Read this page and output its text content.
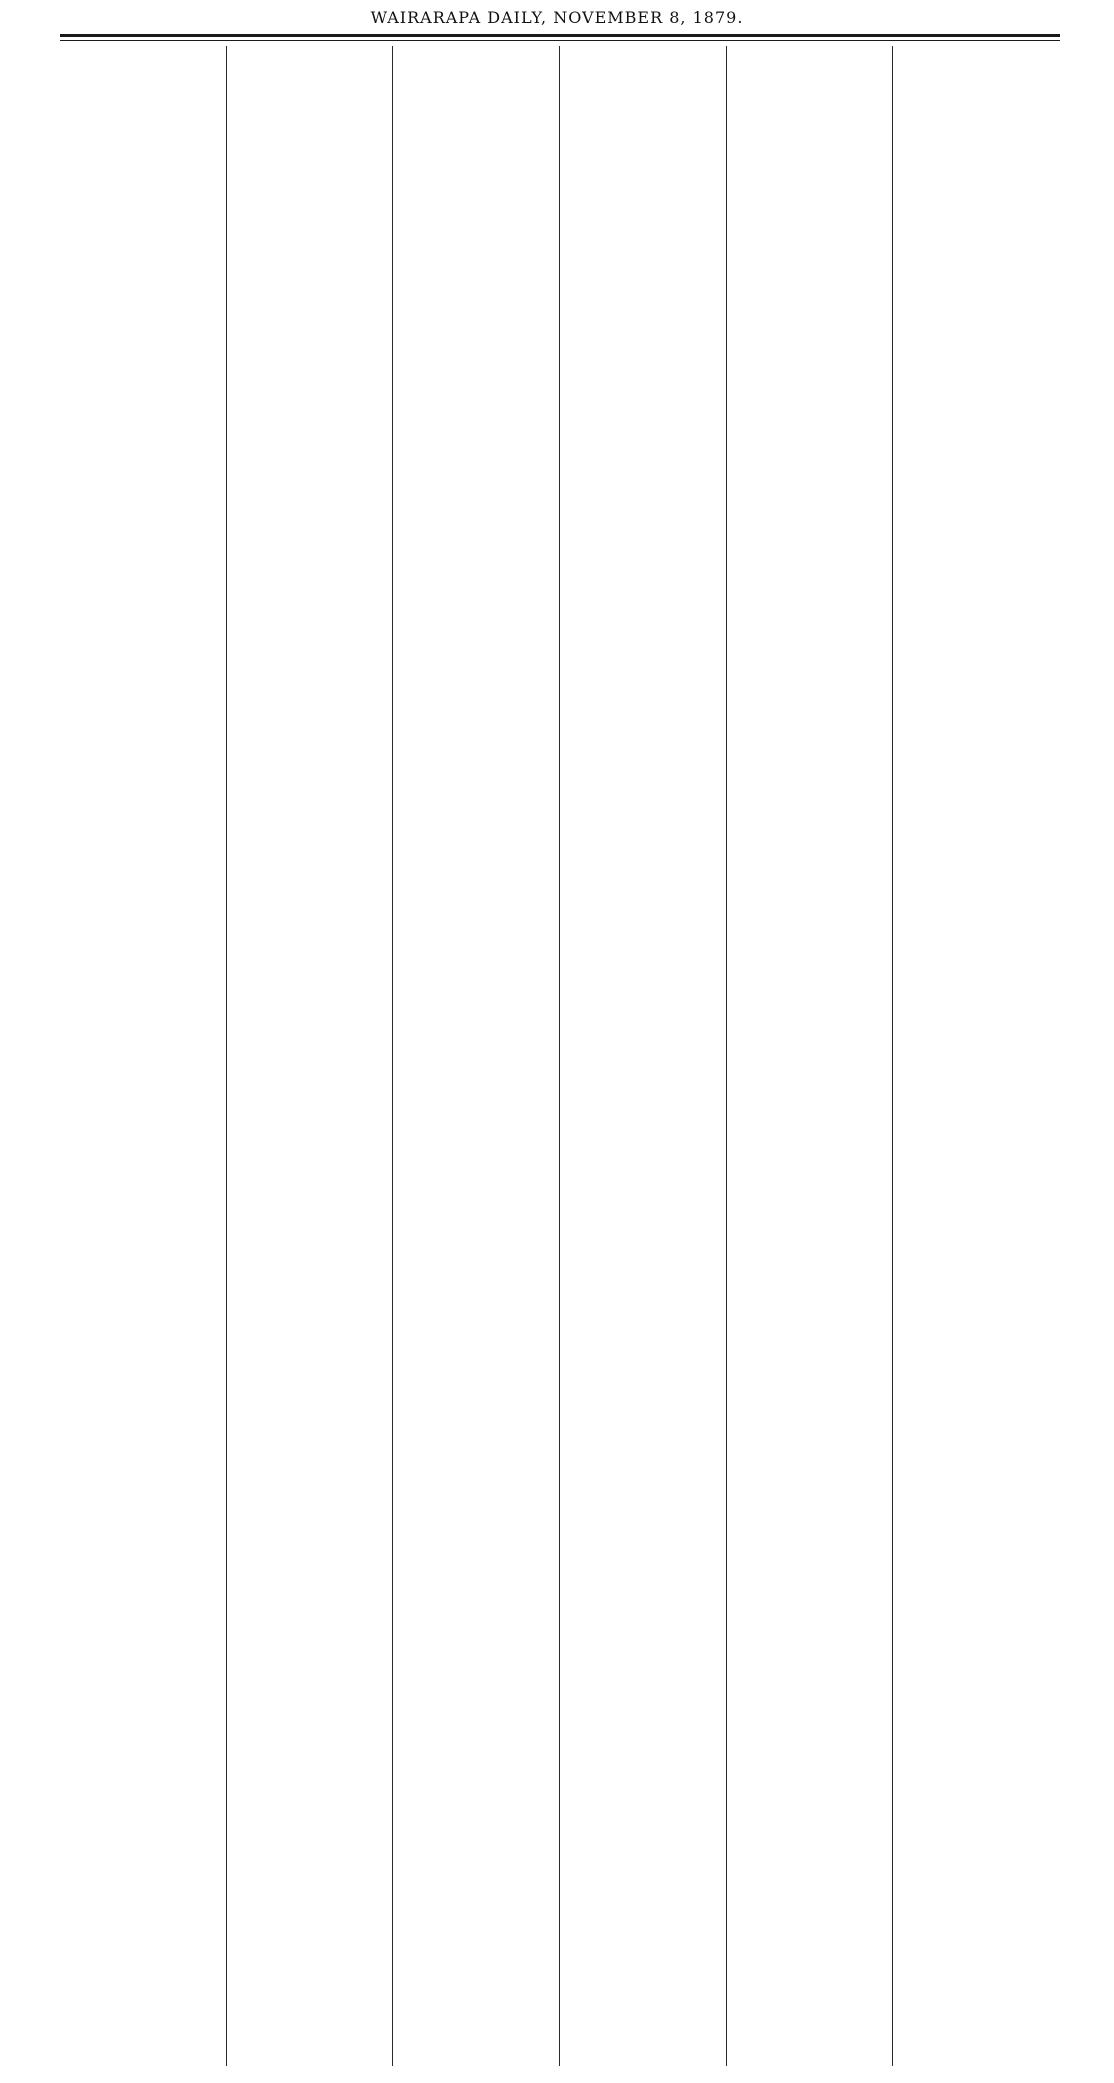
WAIRARAPA DAILY, NOVEMBER 8, 1879.
